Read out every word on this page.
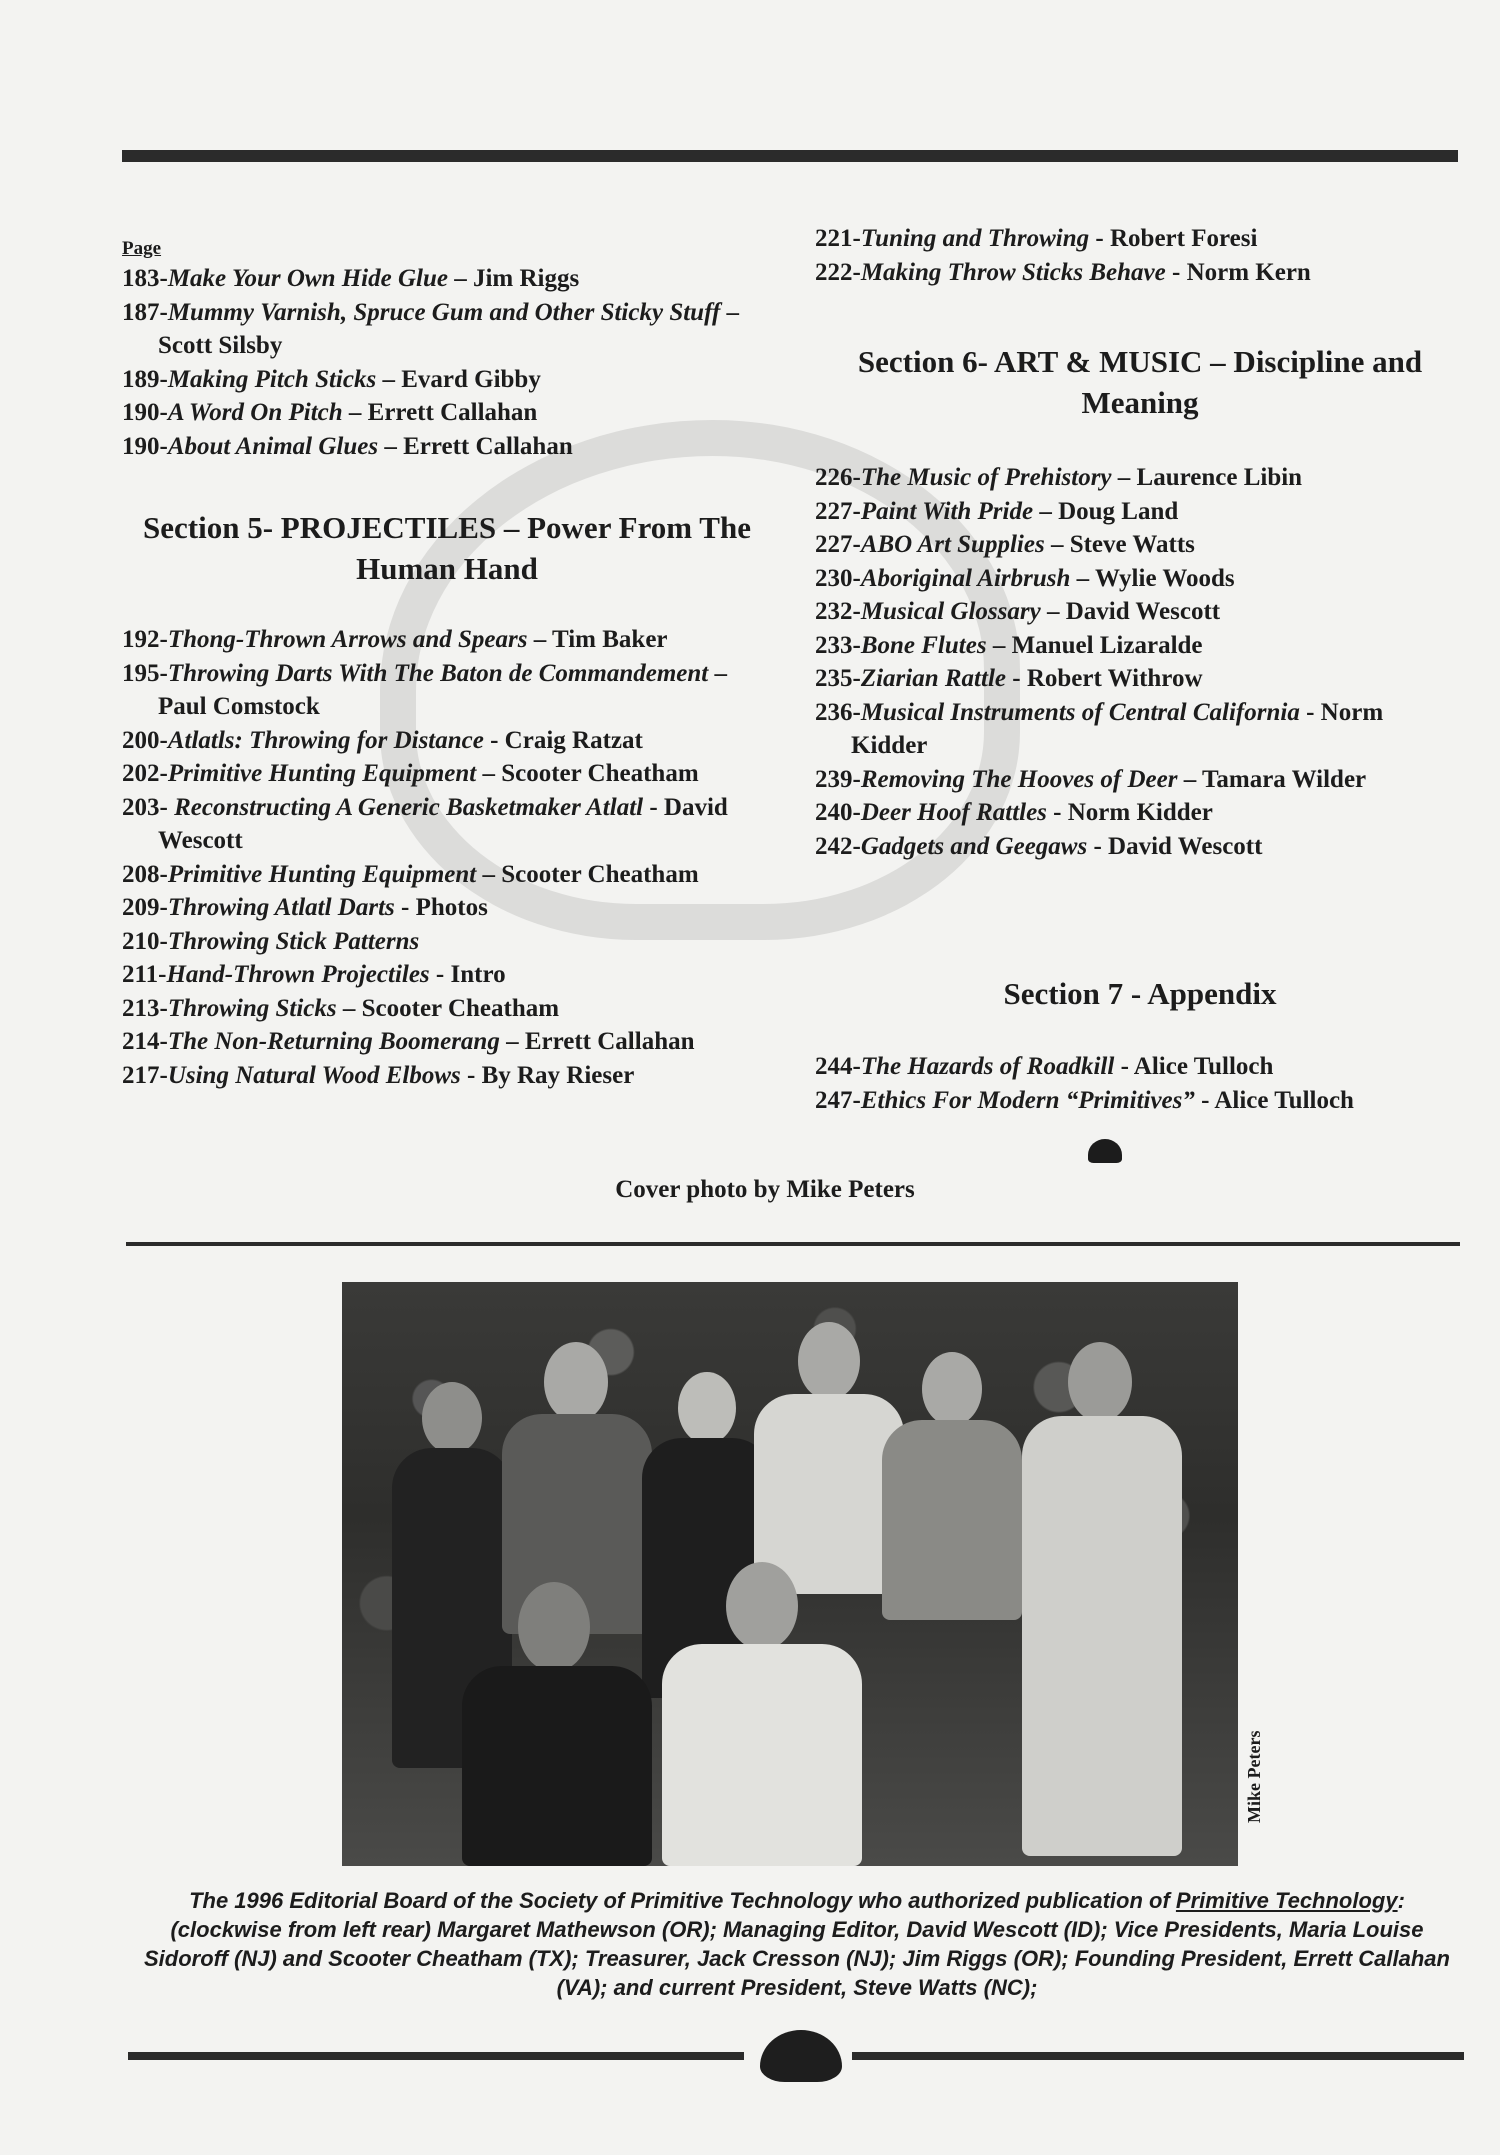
Page
183-Make Your Own Hide Glue – Jim Riggs
187-Mummy Varnish, Spruce Gum and Other Sticky Stuff – Scott Silsby
189-Making Pitch Sticks – Evard Gibby
190-A Word On Pitch – Errett Callahan
190-About Animal Glues – Errett Callahan
Section 5- PROJECTILES – Power From The Human Hand
192-Thong-Thrown Arrows and Spears – Tim Baker
195-Throwing Darts With The Baton de Commandement – Paul Comstock
200-Atlatls: Throwing for Distance - Craig Ratzat
202-Primitive Hunting Equipment – Scooter Cheatham
203- Reconstructing A Generic Basketmaker Atlatl - David Wescott
208-Primitive Hunting Equipment – Scooter Cheatham
209-Throwing Atlatl Darts - Photos
210-Throwing Stick Patterns
211-Hand-Thrown Projectiles - Intro
213-Throwing Sticks – Scooter Cheatham
214-The Non-Returning Boomerang – Errett Callahan
217-Using Natural Wood Elbows - By Ray Rieser
221-Tuning and Throwing - Robert Foresi
222-Making Throw Sticks Behave - Norm Kern
Section 6- ART & MUSIC – Discipline and Meaning
226-The Music of Prehistory – Laurence Libin
227-Paint With Pride – Doug Land
227-ABO Art Supplies – Steve Watts
230-Aboriginal Airbrush – Wylie Woods
232-Musical Glossary – David Wescott
233-Bone Flutes – Manuel Lizaralde
235-Ziarian Rattle - Robert Withrow
236-Musical Instruments of Central California - Norm Kidder
239-Removing The Hooves of Deer – Tamara Wilder
240-Deer Hoof Rattles - Norm Kidder
242-Gadgets and Geegaws - David Wescott
Section 7 - Appendix
244-The Hazards of Roadkill - Alice Tulloch
247-Ethics For Modern “Primitives” - Alice Tulloch
Cover photo by Mike Peters
Mike Peters
The 1996 Editorial Board of the Society of Primitive Technology who authorized publication of Primitive Technology: (clockwise from left rear) Margaret Mathewson (OR); Managing Editor, David Wescott (ID); Vice Presidents, Maria Louise Sidoroff (NJ) and Scooter Cheatham (TX); Treasurer, Jack Cresson (NJ); Jim Riggs (OR); Founding President, Errett Callahan (VA); and current President, Steve Watts (NC);
